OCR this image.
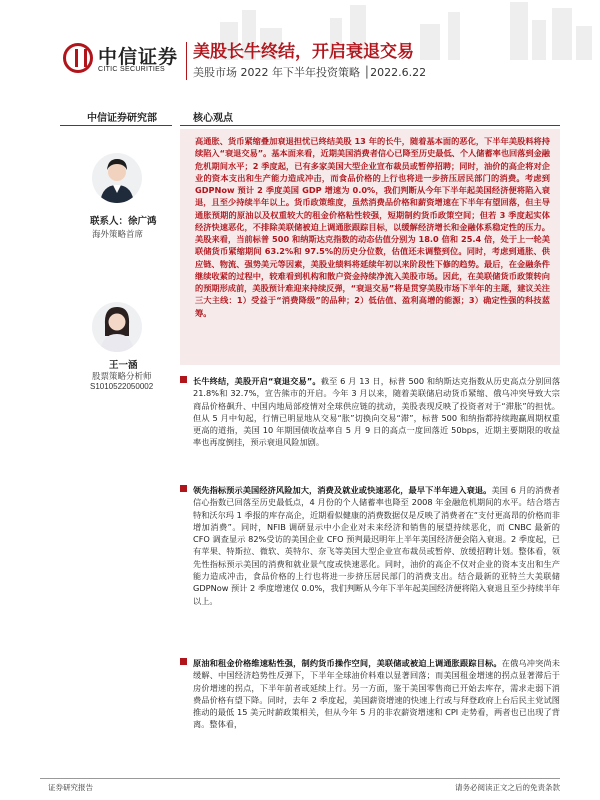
中信证券
CITIC SECURITIES
美股长牛终结，开启衰退交易
美股市场 2022 年下半年投资策略 │2022.6.22
中信证券研究部
联系人：徐广鸿
海外策略首席
王一涵
股票策略分析师
S1010522050002
核心观点

高通胀、货币紧缩叠加衰退担忧已终结美股 13 年的长牛，随着基本面的恶化，下半年美股料将持续陷入“衰退交易”。基本面来看，近期美国消费者信心已降至历史最低、个人储蓄率也回落到金融危机期间水平；2 季度起，已有多家美国大型企业宣布裁员或暂停招聘；同时，油价的高企将对企业的资本支出和生产能力造成冲击，而食品价格的上行也将进一步挤压居民部门的消费。考虑到 GDPNow 预计 2 季度美国 GDP 增速为 0.0%，我们判断从今年下半年起美国经济便将陷入衰退，且至少持续半年以上。货币政策维度，虽然消费品价格和薪资增速在下半年有望回落，但主导通胀预期的原油以及权重较大的租金价格粘性较强，短期制约货币政策空间；但若 3 季度起实体经济快速恶化，不排除美联储被迫上调通胀跟踪目标，以缓解经济增长和金融体系稳定性的压力。美股来看，当前标普 500 和纳斯达克指数的动态估值分别为 18.0 倍和 25.4 倍，处于上一轮美联储货币紧缩期间 63.2%和 97.5%的历史分位数，估值还未调整到位。同时，考虑到通胀、供应链、物流、强势美元等因素，美股业绩料将延续年初以来阶段性下修的趋势。最后，在金融条件继续收紧的过程中，较难看到机构和散户资金持续净流入美股市场。因此，在美联储货币政策转向的预期形成前，美股预计难迎来持续反弹，“衰退交易”将是贯穿美股市场下半年的主题，建议关注三大主线：1）受益于“消费降级”的品种；2）低估值、盈利高增的能源；3）确定性强的科技蓝筹。

长牛终结，美股开启“衰退交易”。截至 6 月 13 日，标普 500 和纳斯达克指数从历史高点分别回落 21.8%和 32.7%，宣告熊市的开启。今年 3 月以来，随着美联储启动货币紧缩、俄乌冲突导致大宗商品价格飙升、中国内地局部疫情对全球供应链的扰动，美股表现反映了投资者对于“滞胀”的担忧。但从 5 月中旬起，行情已明显地从交易“胀”切换向交易“滞”，标普 500 和纳指都持续跑赢周期权重更高的道指，美国 10 年期国债收益率自 5 月 9 日的高点一度回落近 50bps，近期主要期限的收益率也再度倒挂，预示衰退风险加剧。

领先指标预示美国经济风险加大，消费及就业或快速恶化，最早下半年进入衰退。美国 6 月的消费者信心指数已回落至历史最低点，4 月份的个人储蓄率也降至 2008 年金融危机期间的水平。结合塔吉特和沃尔玛 1 季报的库存高企，近期看似健康的消费数据仅是反映了消费者在“支付更高昂的价格而非增加消费”。同时，NFIB 调研显示中小企业对未来经济和销售的展望持续恶化，而 CNBC 最新的 CFO 调查显示 82%受访的美国企业 CFO 预判最迟明年上半年美国经济便会陷入衰退。2 季度起，已有苹果、特斯拉、微软、英特尔、奈飞等美国大型企业宣布裁员或暂停、放缓招聘计划。整体看，领先性指标预示美国的消费和就业景气度或快速恶化。同时，油价的高企不仅对企业的资本支出和生产能力造成冲击，食品价格的上行也将进一步挤压居民部门的消费支出。结合最新的亚特兰大美联储 GDPNow 预计 2 季度增速仅 0.0%，我们判断从今年下半年起美国经济便将陷入衰退且至少持续半年以上。

原油和租金价格维速粘性强，制约货币操作空间，美联储或被迫上调通胀跟踪目标。在俄乌冲突尚未缓解、中国经济趋势性反弹下，下半年全球油价料难以显著回落；而美国租金增速的拐点显著滞后于房价增速的拐点，下半年前者或延续上行。另一方面，鉴于美国零售商已开始去库存，需求走弱下消费品价格有望下降。同时，去年 2 季度起，美国薪资增速的快速上行或与拜登政府上台后民主党试图推动的最低 15 美元时薪政策相关，但从今年 5 月的非农薪资增速和 CPI 走势看，两者也已出现了背离。整体看，

证券研究报告	请务必阅读正文之后的免责条款
